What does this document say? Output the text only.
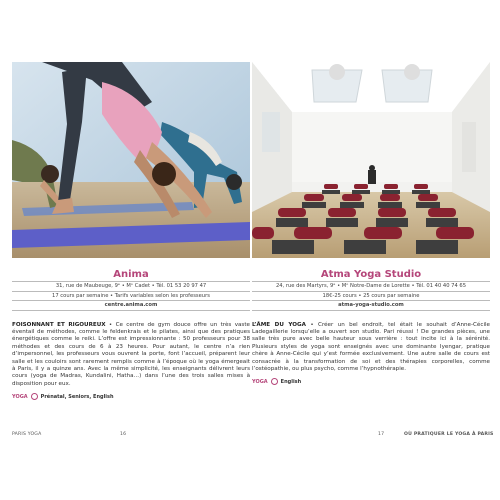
Anima
31, rue de Maubeuge, 9ᵉ • Mᵒ Cadet • Tél. 01 53 20 97 47
17 cours par semaine • Tarifs variables selon les professeurs
centre.anima.com
FOISONNANT ET RIGOUREUX • Ce centre de gym douce offre un très vaste éventail de méthodes, comme le feldenkrais et le pilates, ainsi que des pratiques énergétiques comme le reiki. L’offre est impressionnante : 50 professeurs pour 38 méthodes et des cours de 6 à 23 heures. Pour autant, le centre n’a rien d’impersonnel, les professeurs vous ouvrent la porte, font l’accueil, préparent leur salle et les couloirs sont rarement remplis comme à l’époque où le yoga émergeait à Paris, il y a quinze ans. Avec la même simplicité, les enseignants délivrent leurs cours (yoga de Madras, Kundalini, Hatha…) dans l’une des trois salles mises à disposition pour eux.
YOGA	Prénatal, Seniors, English
Atma Yoga Studio
24, rue des Martyrs, 9ᵉ • Mᵒ Notre-Dame de Lorette • Tél. 01 40 40 74 65
18€-25 cours • 25 cours par semaine
atma-yoga-studio.com
L’ÂME DU YOGA • Créer un bel endroit, tel était le souhait d’Anne-Cécile Ladegaillerie lorsqu’elle a ouvert son studio. Pari réussi ! De grandes pièces, une salle très pure avec belle hauteur sous verrière : tout incite ici à la sérénité. Plusieurs styles de yoga sont enseignés avec une dominante Iyengar, pratique chère à Anne-Cécile qui y’est formée exclusivement. Une autre salle de cours est consacrée à la transformation de soi et des thérapies corporelles, comme l’ostéopathie, ou plus psycho, comme l’hypnothérapie.
YOGA	English
PARIS YOGA	16	17	OÙ PRATIQUER LE YOGA À PARIS
